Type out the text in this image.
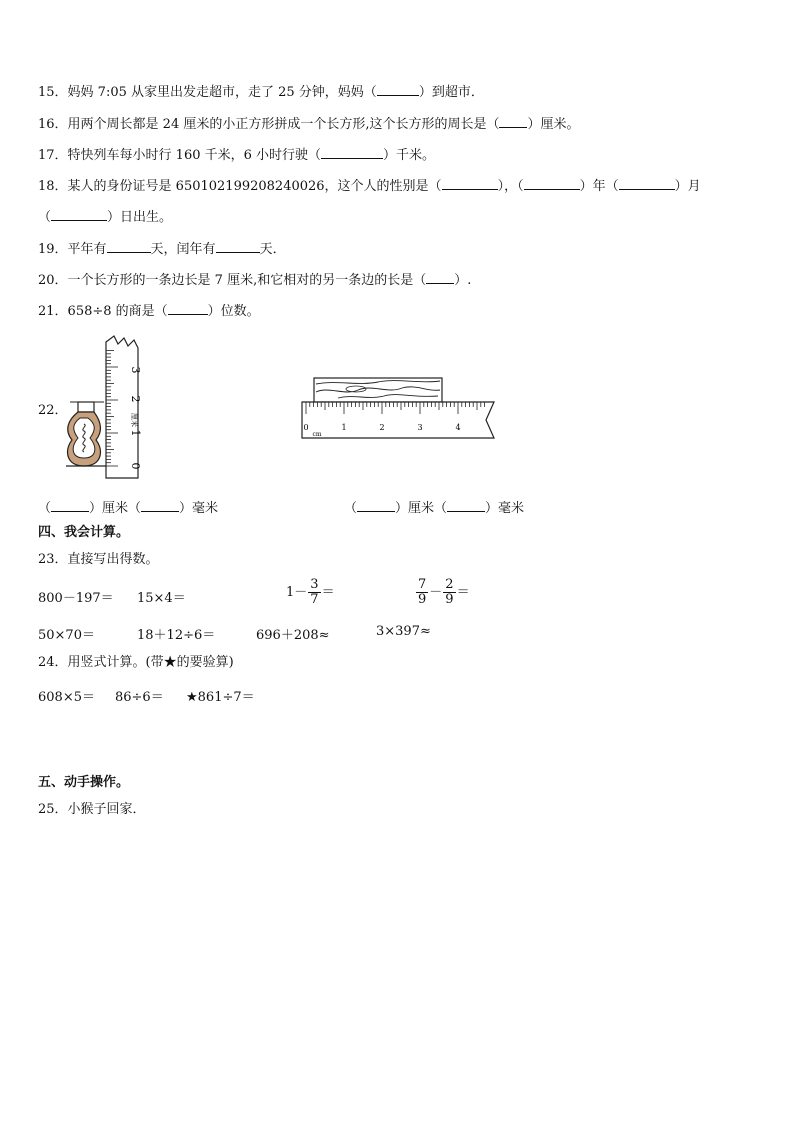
15．妈妈 7:05 从家里出发走超市，走了 25 分钟，妈妈（	）到超市．
16．用两个周长都是 24 厘米的小正方形拼成一个长方形,这个长方形的周长是（ ）厘米。
17．特快列车每小时行 160 千米，6 小时行驶（	）千米。
18．某人的身份证号是 650102199208240026，这个人的性别是（	），（	）年（	）月
（	）日出生。
19．平年有	天，闰年有	天．
20．一个长方形的一条边长是 7 厘米,和它相对的另一条边的长是（ ）.
21．658÷8 的商是（	）位数。
22．
3
2
1
0
厘米
0	1	2	3	4
cm
（	）厘米（	）毫米	（	）厘米（	）毫米
四、我会计算。
23．直接写出得数。
800－197＝ 15×4＝	$1- \frac{3}{7}$ ＝	$\frac{7}{9} - \frac{2}{9}$ ＝
50×70＝	18＋12÷6＝	696＋208≈	3×397≈
24．用竖式计算。(带★的要验算)
608×5＝ 86÷6＝ ★861÷7＝
五、动手操作。
25．小猴子回家．
